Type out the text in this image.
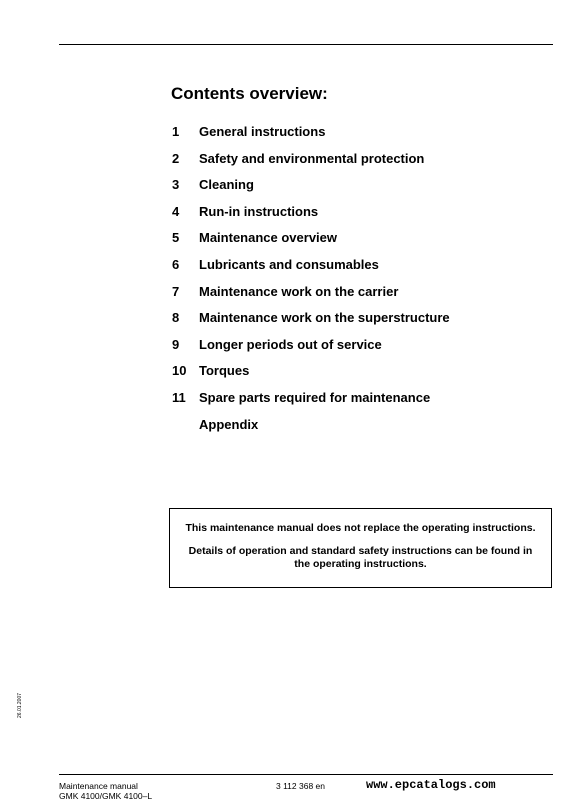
Contents overview:
1 General instructions
2 Safety and environmental protection
3 Cleaning
4 Run-in instructions
5 Maintenance overview
6 Lubricants and consumables
7 Maintenance work on the carrier
8 Maintenance work on the superstructure
9 Longer periods out of service
10 Torques
11 Spare parts required for maintenance
Appendix

This maintenance manual does not replace the operating instructions.

Details of operation and standard safety instructions can be found in the operating instructions.

26.01.2007
Maintenance manual
GMK 4100/GMK 4100–L
3 112 368 en	www.epcatalogs.com
